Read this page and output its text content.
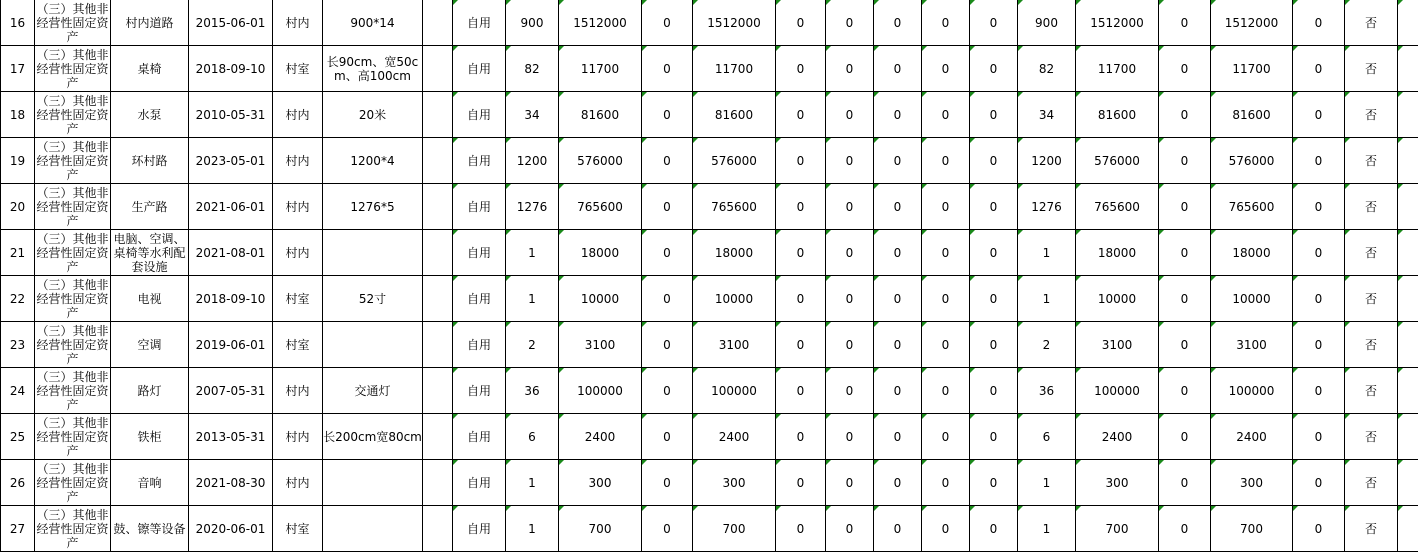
16	（三）其他非经营性固定资产	村内道路	2015-06-01	村内	900*14		自用	900	1512000	0	1512000	0	0	0	0	0	900	1512000	0	1512000	0	否	
17	（三）其他非经营性固定资产	桌椅	2018-09-10	村室	长90cm、宽50cm、高100cm		自用	82	11700	0	11700	0	0	0	0	0	82	11700	0	11700	0	否	
18	（三）其他非经营性固定资产	水泵	2010-05-31	村内	20米		自用	34	81600	0	81600	0	0	0	0	0	34	81600	0	81600	0	否	
19	（三）其他非经营性固定资产	环村路	2023-05-01	村内	1200*4		自用	1200	576000	0	576000	0	0	0	0	0	1200	576000	0	576000	0	否	
20	（三）其他非经营性固定资产	生产路	2021-06-01	村内	1276*5		自用	1276	765600	0	765600	0	0	0	0	0	1276	765600	0	765600	0	否	
21	（三）其他非经营性固定资产	电脑、空调、桌椅等水利配套设施	2021-08-01	村内			自用	1	18000	0	18000	0	0	0	0	0	1	18000	0	18000	0	否	
22	（三）其他非经营性固定资产	电视	2018-09-10	村室	52寸		自用	1	10000	0	10000	0	0	0	0	0	1	10000	0	10000	0	否	
23	（三）其他非经营性固定资产	空调	2019-06-01	村室			自用	2	3100	0	3100	0	0	0	0	0	2	3100	0	3100	0	否	
24	（三）其他非经营性固定资产	路灯	2007-05-31	村内	交通灯		自用	36	100000	0	100000	0	0	0	0	0	36	100000	0	100000	0	否	
25	（三）其他非经营性固定资产	铁柜	2013-05-31	村内	长200cm宽80cm		自用	6	2400	0	2400	0	0	0	0	0	6	2400	0	2400	0	否	
26	（三）其他非经营性固定资产	音响	2021-08-30	村内			自用	1	300	0	300	0	0	0	0	0	1	300	0	300	0	否	
27	（三）其他非经营性固定资产	鼓、镲等设备	2020-06-01	村室			自用	1	700	0	700	0	0	0	0	0	1	700	0	700	0	否	
